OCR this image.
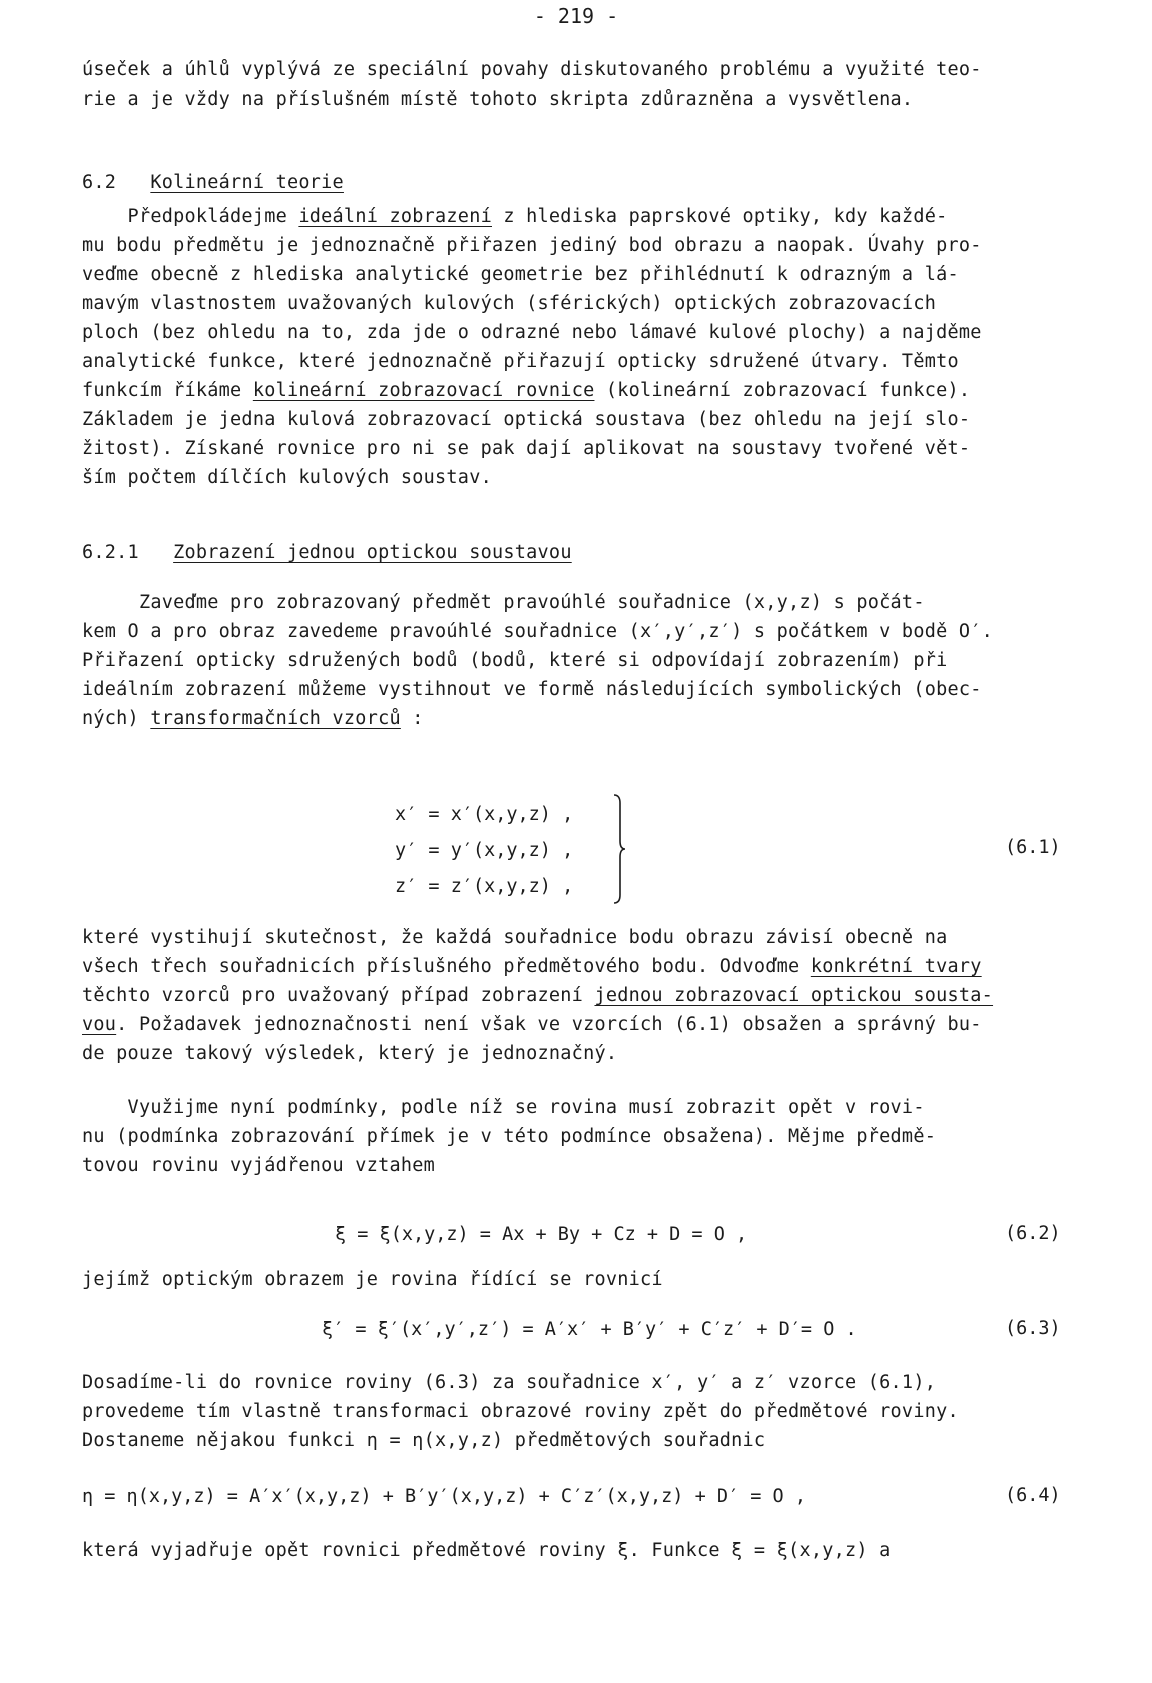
- 219 -
úseček a úhlů vyplývá ze speciální povahy diskutovaného problému a využité teo-
rie a je vždy na příslušném místě tohoto skripta zdůrazněna a vysvětlena.
6.2 Kolineární teorie
Předpokládejme ideální zobrazení z hlediska paprskové optiky, kdy každé-
mu bodu předmětu je jednoznačně přiřazen jediný bod obrazu a naopak. Úvahy pro-
veďme obecně z hlediska analytické geometrie bez přihlédnutí k odrazným a lá-
mavým vlastnostem uvažovaných kulových (sférických) optických zobrazovacích
ploch (bez ohledu na to, zda jde o odrazné nebo lámavé kulové plochy) a najděme
analytické funkce, které jednoznačně přiřazují opticky sdružené útvary. Těmto
funkcím říkáme kolineární zobrazovací rovnice (kolineární zobrazovací funkce).
Základem je jedna kulová zobrazovací optická soustava (bez ohledu na její slo-
žitost). Získané rovnice pro ni se pak dají aplikovat na soustavy tvořené vět-
ším počtem dílčích kulových soustav.
6.2.1 Zobrazení jednou optickou soustavou
Zaveďme pro zobrazovaný předmět pravoúhlé souřadnice (x,y,z) s počát-
kem O a pro obraz zavedeme pravoúhlé souřadnice (x′,y′,z′) s počátkem v bodě O′.
Přiřazení opticky sdružených bodů (bodů, které si odpovídají zobrazením) při
ideálním zobrazení můžeme vystihnout ve formě následujících symbolických (obec-
ných) transformačních vzorců :
x′ = x′(x,y,z) ,
y′ = y′(x,y,z) ,
z′ = z′(x,y,z) ,
(6.1)
které vystihují skutečnost, že každá souřadnice bodu obrazu závisí obecně na
všech třech souřadnicích příslušného předmětového bodu. Odvoďme konkrétní tvary
těchto vzorců pro uvažovaný případ zobrazení jednou zobrazovací optickou sousta-
vou. Požadavek jednoznačnosti není však ve vzorcích (6.1) obsažen a správný bu-
de pouze takový výsledek, který je jednoznačný.
Využijme nyní podmínky, podle níž se rovina musí zobrazit opět v rovi-
nu (podmínka zobrazování přímek je v této podmínce obsažena). Mějme předmě-
tovou rovinu vyjádřenou vztahem
ξ = ξ(x,y,z) = Ax + By + Cz + D = O ,	(6.2)
jejímž optickým obrazem je rovina řídící se rovnicí
ξ′ = ξ′(x′,y′,z′) = A′x′ + B′y′ + C′z′ + D′= O .	(6.3)
Dosadíme-li do rovnice roviny (6.3) za souřadnice x′, y′ a z′ vzorce (6.1),
provedeme tím vlastně transformaci obrazové roviny zpět do předmětové roviny.
Dostaneme nějakou funkci η = η(x,y,z) předmětových souřadnic
η = η(x,y,z) = A′x′(x,y,z) + B′y′(x,y,z) + C′z′(x,y,z) + D′ = O ,	(6.4)
která vyjadřuje opět rovnici předmětové roviny ξ. Funkce ξ = ξ(x,y,z) a
